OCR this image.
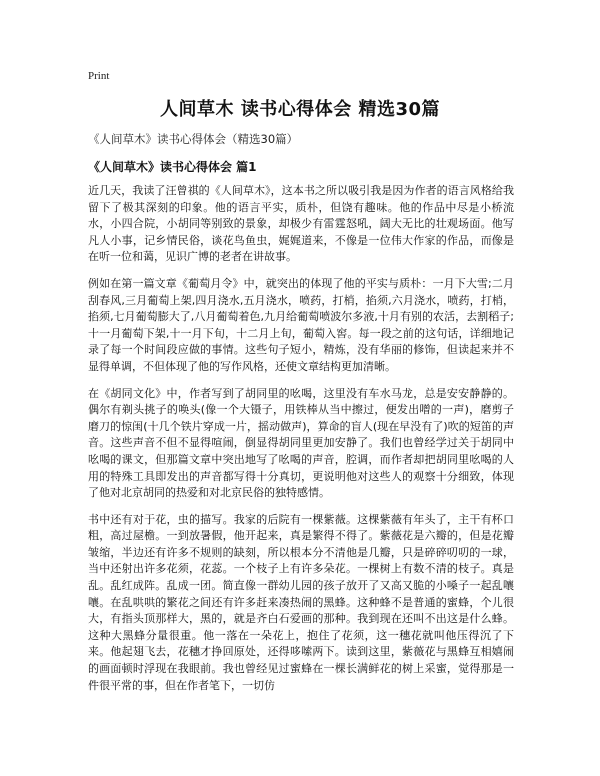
Print
人间草木 读书心得体会 精选30篇
《人间草木》读书心得体会（精选30篇）
《人间草木》读书心得体会 篇1

近几天，我读了汪曾祺的《人间草木》，这本书之所以吸引我是因为作者的语言风格给我留下了极其深刻的印象。他的语言平实，质朴，但饶有趣味。他的作品中尽是小桥流水，小四合院，小胡同等别致的景象，却极少有雷霆怒吼，阔大无比的壮观场面。他写凡人小事，记乡情民俗，谈花鸟鱼虫，娓娓道来，不像是一位伟大作家的作品，而像是在听一位和蔼，见识广博的老者在讲故事。

例如在第一篇文章《葡萄月令》中，就突出的体现了他的平实与质朴：一月下大雪;二月刮春风,三月葡萄上架,四月浇水,五月浇水，喷药，打梢，掐须,六月浇水，喷药，打梢，掐须,七月葡萄膨大了,八月葡萄着色,九月给葡萄喷波尔多液,十月有别的农活，去割稻子;十一月葡萄下架,十一月下旬，十二月上旬，葡萄入窖。每一段之前的这句话，详细地记录了每一个时间段应做的事情。这些句子短小，精炼，没有华丽的修饰，但读起来并不显得单调，不但体现了他的写作风格，还使文章结构更加清晰。

在《胡同文化》中，作者写到了胡同里的吆喝，这里没有车水马龙，总是安安静静的。偶尔有剃头挑子的唤头(像一个大镊子，用铁棒从当中擦过，便发出噌的一声)，磨剪子磨刀的惊闺(十几个铁片穿成一片，摇动做声)，算命的盲人(现在早没有了)吹的短笛的声音。这些声音不但不显得喧闹，倒显得胡同里更加安静了。我们也曾经学过关于胡同中吆喝的课文，但那篇文章中突出地写了吆喝的声音，腔调，而作者却把胡同里吆喝的人用的特殊工具即发出的声音都写得十分真切，更说明他对这些人的观察十分细致，体现了他对北京胡同的热爱和对北京民俗的独特感情。

书中还有对于花，虫的描写。我家的后院有一棵紫薇。这棵紫薇有年头了，主干有杯口粗，高过屋檐。一到放暑假，他开起来，真是繁得不得了。紫薇花是六瓣的，但是花瓣皱缩，半边还有许多不规则的缺刻，所以根本分不清他是几瓣，只是碎碎叨叨的一球，当中还射出许多花须，花蕊。一个枝子上有许多朵花。一棵树上有数不清的枝子。真是乱。乱红成阵。乱成一团。简直像一群幼儿园的孩子放开了又高又脆的小嗓子一起乱嚷嚷。在乱哄哄的繁花之间还有许多赶来凑热闹的黑蜂。这种蜂不是普通的蜜蜂，个儿很大，有指头顶那样大，黑的，就是齐白石爱画的那种。我到现在还叫不出这是什么蜂。这种大黑蜂分量很重。他一落在一朵花上，抱住了花须，这一穗花就叫他压得沉了下来。他起翅飞去，花穗才挣回原处，还得哆嗦两下。读到这里，紫薇花与黑蜂互相嬉闹的画面顿时浮现在我眼前。我也曾经见过蜜蜂在一棵长满鲜花的树上采蜜，觉得那是一件很平常的事，但在作者笔下，一切仿
